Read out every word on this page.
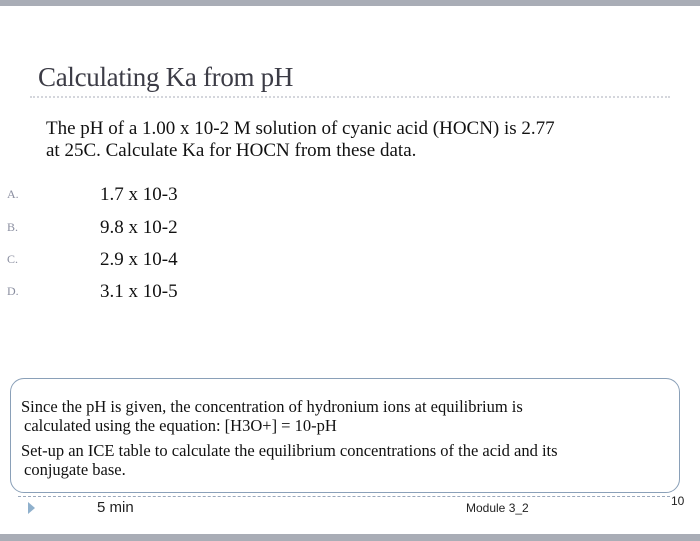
Calculating Ka from pH
The pH of a 1.00 x 10-2 M solution of cyanic acid (HOCN) is 2.77
at 25C. Calculate Ka for HOCN from these data.
A.	1.7 x 10-3
B.	9.8 x 10-2
C.	2.9 x 10-4
D.	3.1 x 10-5

Since the pH is given, the concentration of hydronium ions at equilibrium is

calculated using the equation: [H3O+] = 10-pH

Set-up an ICE table to calculate the equilibrium concentrations of the acid and its

conjugate base.

5 min	Module 3_2	10
